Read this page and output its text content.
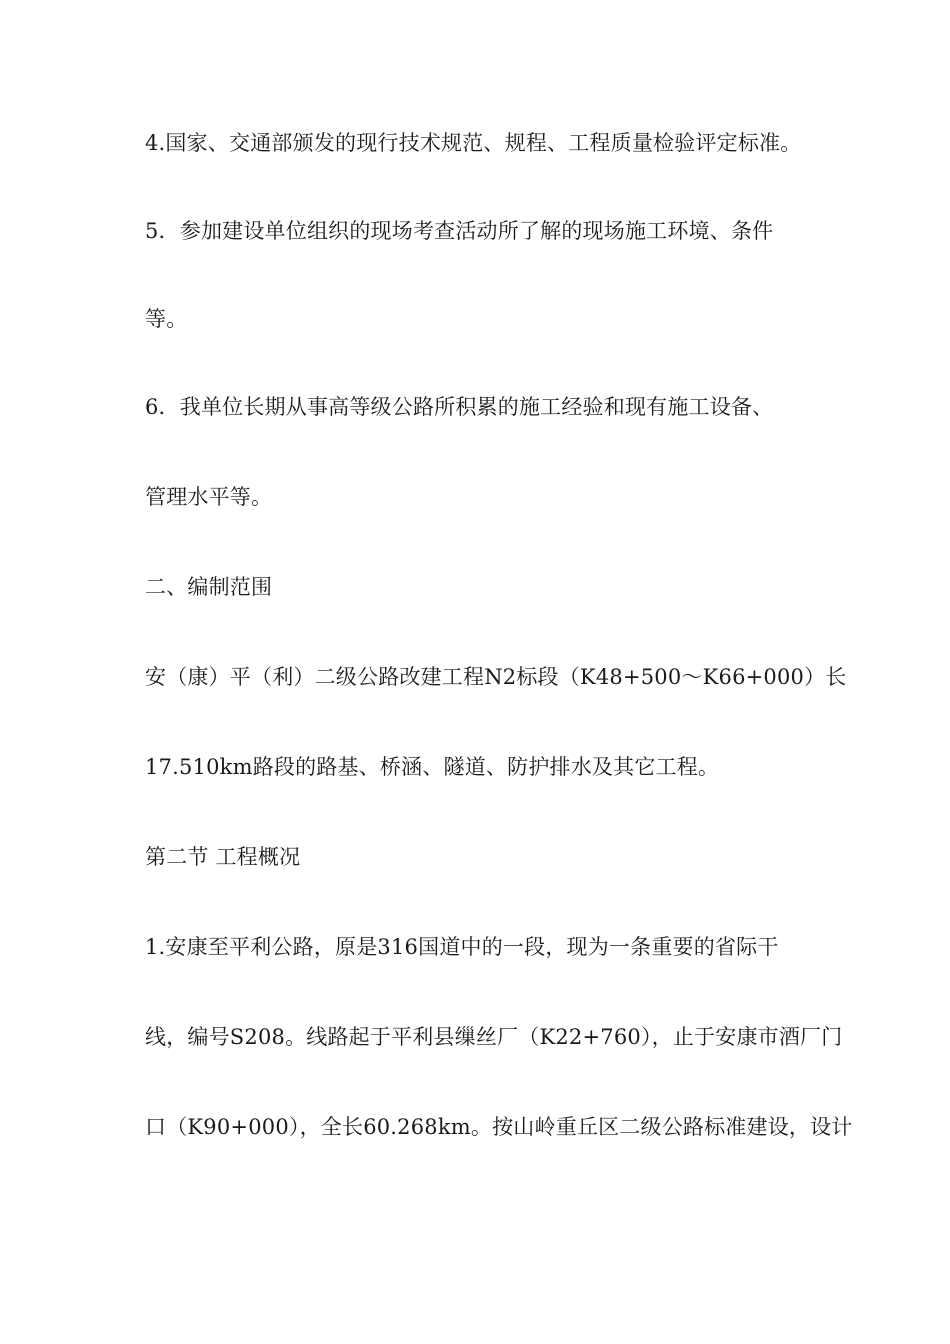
4.国家、交通部颁发的现行技术规范、规程、工程质量检验评定标准。
5．参加建设单位组织的现场考查活动所了解的现场施工环境、条件
等。
6．我单位长期从事高等级公路所积累的施工经验和现有施工设备、
管理水平等。
二、编制范围
安（康）平（利）二级公路改建工程N2标段（K48+500～K66+000）长
17.510km路段的路基、桥涵、隧道、防护排水及其它工程。
第二节 工程概况
1.安康至平利公路，原是316国道中的一段，现为一条重要的省际干
线，编号S208。线路起于平利县缫丝厂（K22+760），止于安康市酒厂门
口（K90+000），全长60.268km。按山岭重丘区二级公路标准建设，设计
